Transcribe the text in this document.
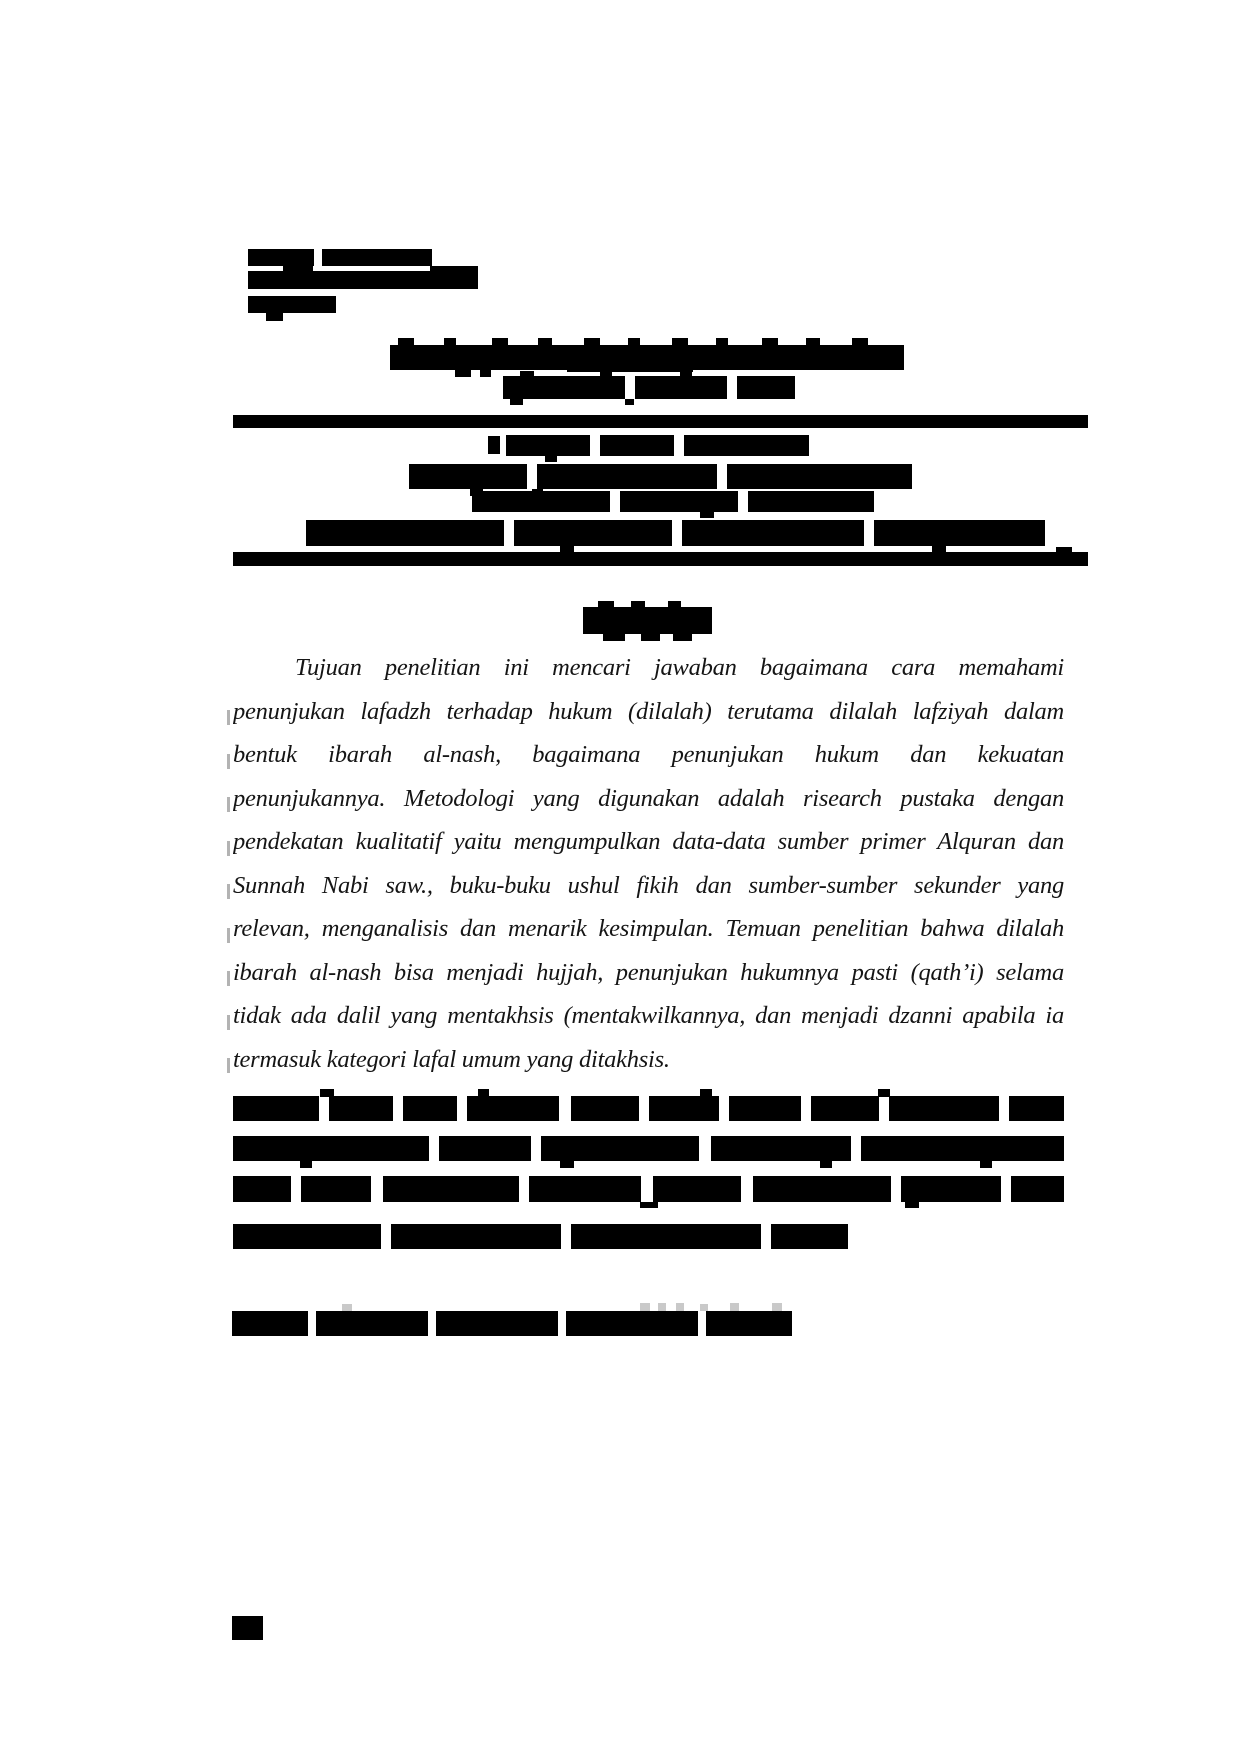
Tujuan penelitian ini mencari jawaban bagaimana cara memahami
penunjukan lafadzh terhadap hukum (dilalah) terutama dilalah lafziyah dalam
bentuk ibarah al-nash, bagaimana penunjukan hukum dan kekuatan
penunjukannya. Metodologi yang digunakan adalah risearch pustaka dengan
pendekatan kualitatif yaitu mengumpulkan data-data sumber primer Alquran dan
Sunnah Nabi saw., buku-buku ushul fikih dan sumber-sumber sekunder yang
relevan, menganalisis dan menarik kesimpulan. Temuan penelitian bahwa dilalah
ibarah al-nash bisa menjadi hujjah, penunjukan hukumnya pasti (qath’i) selama
tidak ada dalil yang mentakhsis (mentakwilkannya, dan menjadi dzanni apabila ia
termasuk kategori lafal umum yang ditakhsis.
